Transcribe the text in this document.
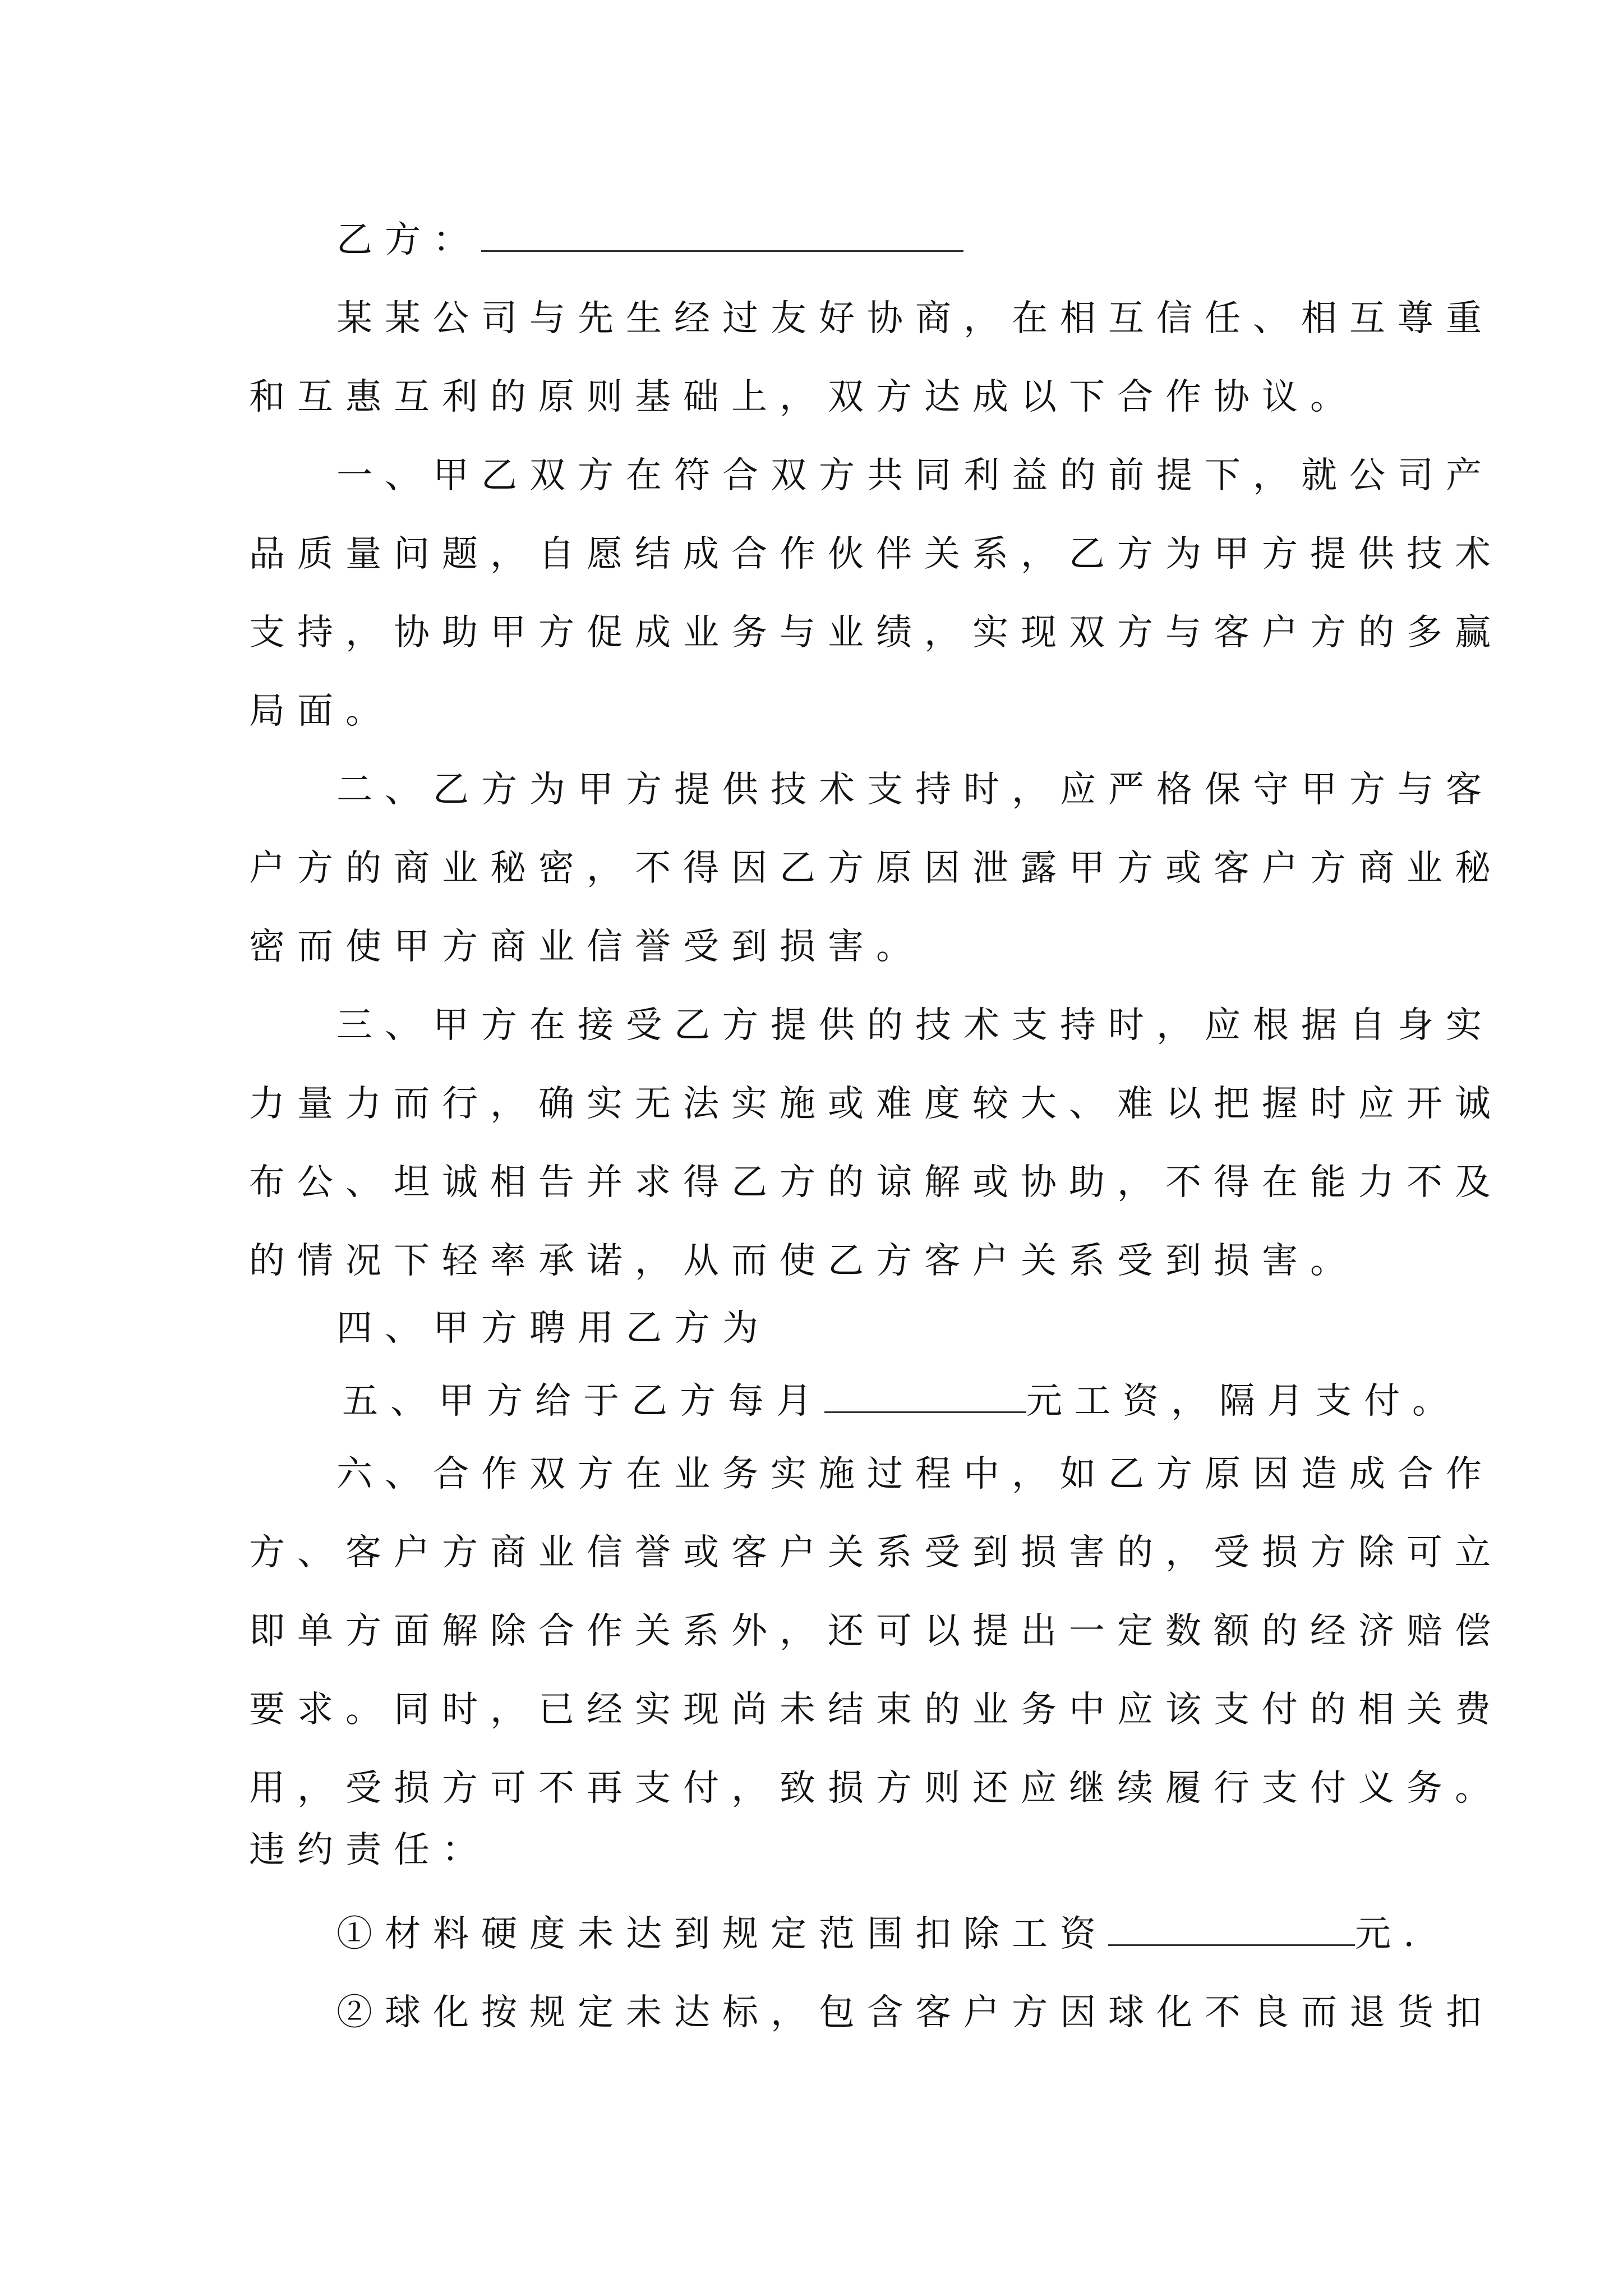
乙方：
某某公司与先生经过友好协商，在相互信任、相互尊重
和互惠互利的原则基础上，双方达成以下合作协议。
一、甲乙双方在符合双方共同利益的前提下，就公司产
品质量问题，自愿结成合作伙伴关系，乙方为甲方提供技术
支持，协助甲方促成业务与业绩，实现双方与客户方的多赢
局面。
二、乙方为甲方提供技术支持时，应严格保守甲方与客
户方的商业秘密，不得因乙方原因泄露甲方或客户方商业秘
密而使甲方商业信誉受到损害。
三、甲方在接受乙方提供的技术支持时，应根据自身实
力量力而行，确实无法实施或难度较大、难以把握时应开诚
布公、坦诚相告并求得乙方的谅解或协助，不得在能力不及
的情况下轻率承诺，从而使乙方客户关系受到损害。
四、甲方聘用乙方为
五、甲方给于乙方每月	元工资，隔月支付。
六、合作双方在业务实施过程中，如乙方原因造成合作
方、客户方商业信誉或客户关系受到损害的，受损方除可立
即单方面解除合作关系外，还可以提出一定数额的经济赔偿
要求。同时，已经实现尚未结束的业务中应该支付的相关费
用，受损方可不再支付，致损方则还应继续履行支付义务。
违约责任：
①材料硬度未达到规定范围扣除工资	元.
②球化按规定未达标，包含客户方因球化不良而退货扣
